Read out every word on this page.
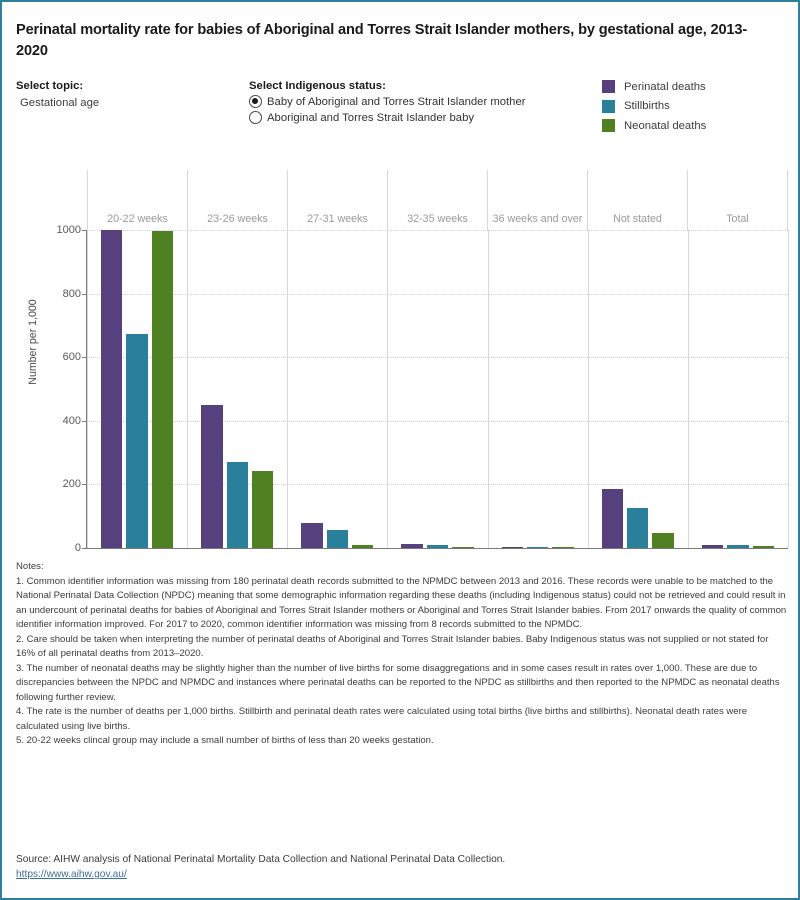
Perinatal mortality rate for babies of Aboriginal and Torres Strait Islander mothers, by gestational age, 2013-2020
Select topic:
Gestational age
Select Indigenous status:
Baby of Aboriginal and Torres Strait Islander mother
Aboriginal and Torres Strait Islander baby
Perinatal deaths
Stillbirths
Neonatal deaths
Number per 1,000
20-22 weeks	23-26 weeks	27-31 weeks	32-35 weeks 36 weeks and over	Not stated	Total
0
200
400
600
800
1000

Notes:

1. Common identifier information was missing from 180 perinatal death records submitted to the NPMDC between 2013 and 2016. These records were unable to be matched to the National Perinatal Data Collection (NPDC) meaning that some demographic information regarding these deaths (including Indigenous status) could not be retrieved and could result in an undercount of perinatal deaths for babies of Aboriginal and Torres Strait Islander mothers or Aboriginal and Torres Strait Islander babies. From 2017 onwards the quality of common identifier information improved. For 2017 to 2020, common identifier information was missing from 8 records submitted to the NPMDC.

2. Care should be taken when interpreting the number of perinatal deaths of Aboriginal and Torres Strait Islander babies. Baby Indigenous status was not supplied or not stated for 16% of all perinatal deaths from 2013–2020.

3. The number of neonatal deaths may be slightly higher than the number of live births for some disaggregations and in some cases result in rates over 1,000. These are due to discrepancies between the NPDC and NPMDC and instances where perinatal deaths can be reported to the NPDC as stillbirths and then reported to the NPMDC as neonatal deaths following further review.

4. The rate is the number of deaths per 1,000 births. Stillbirth and perinatal death rates were calculated using total births (live births and stillbirths). Neonatal death rates were calculated using live births.

5. 20-22 weeks clincal group may include a small number of births of less than 20 weeks gestation.

Source: AIHW analysis of National Perinatal Mortality Data Collection and National Perinatal Data Collection.
https://www.aihw.gov.au/
